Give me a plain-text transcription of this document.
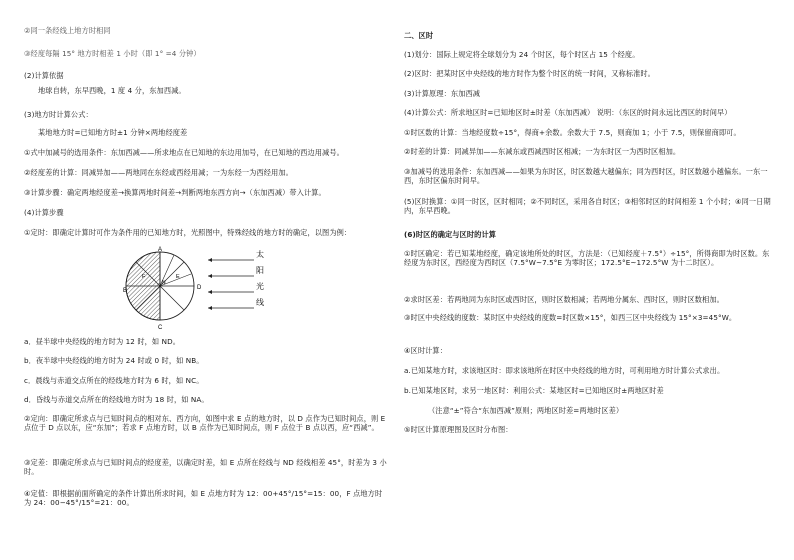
②同一条经线上地方时相同
③经度每隔 15° 地方时相差 1 小时（即 1° =4 分钟）
(2)计算依据
地球自转，东早西晚，1 度 4 分，东加西减。
(3)地方时计算公式：
某地地方时=已知地方时±1 分钟×两地经度差
①式中加减号的选用条件：东加西减——所求地点在已知地的东边用加号，在已知地的西边用减号。
②经度差的计算：同减异加——两地同在东经或西经用减；一为东经一为西经用加。
③计算步骤：确定两地经度差→换算两地时间差→判断两地东西方向→（东加西减）带入计算。
(4)计算步骤
①定时：即确定计算时可作为条件用的已知地方时，光照图中，特殊经线的地方时的确定，以图为例：
A
B
C
D
E
F
N
太
阳
光
线
a．昼半球中央经线的地方时为 12 时，如 ND。
b．夜半球中央经线的地方时为 24 时或 0 时，如 NB。
c．晨线与赤道交点所在的经线地方时为 6 时，如 NC。
d．昏线与赤道交点所在的经线地方时为 18 时，如 NA。
②定向：即确定所求点与已知时间点的相对东、西方向，如图中求 E 点的地方时，以 D 点作为已知时间点，则 E 点位于 D 点以东，应“东加”；若求 F 点地方时，以 B 点作为已知时间点，则 F 点位于 B 点以西，应“西减”。
③定差：即确定所求点与已知时间点的经度差，以确定时差，如 E 点所在经线与 ND 经线相差 45°，时差为 3 小时。
④定值：即根据前面所确定的条件计算出所求时间，如 E 点地方时为 12：00+45°/15°=15：00，F 点地方时为 24：00−45°/15°=21：00。
二、区时
(1)划分：国际上规定将全球划分为 24 个时区，每个时区占 15 个经度。
(2)区时：把某时区中央经线的地方时作为整个时区的统一时间，又称标准时。
(3)计算原理：东加西减
(4)计算公式：所求地区时=已知地区时±时差（东加西减） 说明：（东区的时间永远比西区的时间早）
①时区数的计算：当地经度数÷15°，得商+余数。余数大于 7.5，则商加 1；小于 7.5，则保留商即可。
②时差的计算：同减异加——东减东或西减西时区相减；一为东时区一为西时区相加。
③加减号的选用条件：东加西减——如果为东时区，时区数越大越偏东；同为西时区，时区数越小越偏东。一东一西，东时区偏东时间早。
(5)区时换算：①同一时区，区时相同；②不同时区，采用各自时区；③相邻时区的时间相差 1 个小时；④同一日期内，东早西晚。
(6)时区的确定与区时的计算
①时区确定：若已知某地经度，确定该地所处的时区，方法是：（已知经度＋7.5°）÷15°，所得商即为时区数。东经度为东时区，西经度为西时区（7.5°W~7.5°E 为零时区；172.5°E~172.5°W 为十二时区）。
②求时区差：若两地同为东时区或西时区，则时区数相减；若两地分属东、西时区，则时区数相加。
③时区中央经线的度数：某时区中央经线的度数=时区数×15°，如西三区中央经线为 15°×3=45°W。
④区时计算：
a.已知某地方时，求该地区时：即求该地所在时区中央经线的地方时，可利用地方时计算公式求出。
b.已知某地区时，求另一地区时：利用公式：某地区时=已知地区时±两地区时差
（注意“±”符合“东加西减”原则；两地区时差=两地时区差）
⑤时区计算原理图及区时分布图：
